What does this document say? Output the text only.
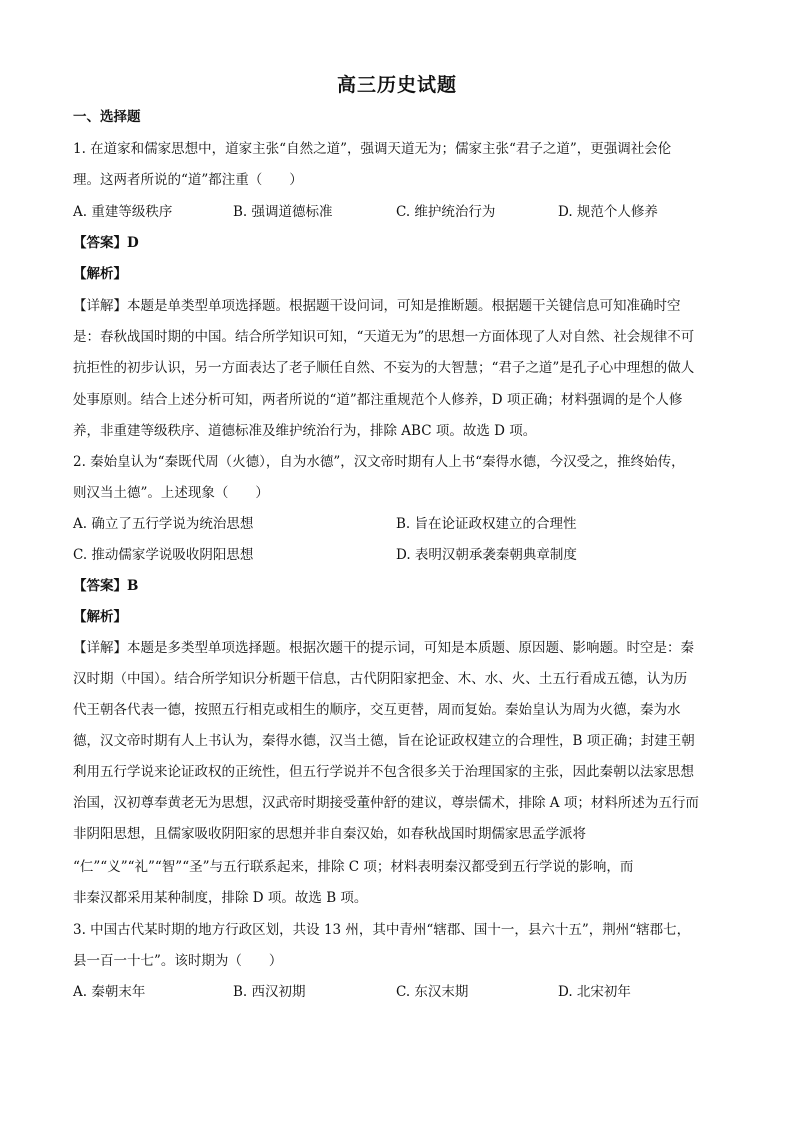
高三历史试题
一、选择题
1. 在道家和儒家思想中，道家主张“自然之道”，强调天道无为；儒家主张“君子之道”，更强调社会伦
理。这两者所说的“道”都注重（　　）
A. 重建等级秩序	B. 强调道德标准	C. 维护统治行为	D. 规范个人修养
【答案】D
【解析】
【详解】本题是单类型单项选择题。根据题干设问词，可知是推断题。根据题干关键信息可知准确时空
是：春秋战国时期的中国。结合所学知识可知，“天道无为”的思想一方面体现了人对自然、社会规律不可
抗拒性的初步认识，另一方面表达了老子顺任自然、不妄为的大智慧；“君子之道”是孔子心中理想的做人
处事原则。结合上述分析可知，两者所说的“道”都注重规范个人修养，D 项正确；材料强调的是个人修
养，非重建等级秩序、道德标准及维护统治行为，排除 ABC 项。故选 D 项。
2. 秦始皇认为“秦既代周（火德），自为水德”，汉文帝时期有人上书“秦得水德，今汉受之，推终始传，
则汉当土德”。上述现象（　　）
A. 确立了五行学说为统治思想	B. 旨在论证政权建立的合理性
C. 推动儒家学说吸收阴阳思想	D. 表明汉朝承袭秦朝典章制度
【答案】B
【解析】
【详解】本题是多类型单项选择题。根据次题干的提示词，可知是本质题、原因题、影响题。时空是：秦
汉时期（中国）。结合所学知识分析题干信息，古代阴阳家把金、木、水、火、土五行看成五德，认为历
代王朝各代表一德，按照五行相克或相生的顺序，交互更替，周而复始。秦始皇认为周为火德，秦为水
德，汉文帝时期有人上书认为，秦得水德，汉当土德，旨在论证政权建立的合理性，B 项正确；封建王朝
利用五行学说来论证政权的正统性，但五行学说并不包含很多关于治理国家的主张，因此秦朝以法家思想
治国，汉初尊奉黄老无为思想，汉武帝时期接受董仲舒的建议，尊崇儒术，排除 A 项；材料所述为五行而
非阴阳思想，且儒家吸收阴阳家的思想并非自秦汉始，如春秋战国时期儒家思孟学派将
“仁”“义”“礼”“智”“圣”与五行联系起来，排除 C 项；材料表明秦汉都受到五行学说的影响，而
非秦汉都采用某种制度，排除 D 项。故选 B 项。
3. 中国古代某时期的地方行政区划，共设 13 州，其中青州“辖郡、国十一，县六十五”，荆州“辖郡七，
县一百一十七”。该时期为（　　）
A. 秦朝末年	B. 西汉初期	C. 东汉末期	D. 北宋初年
